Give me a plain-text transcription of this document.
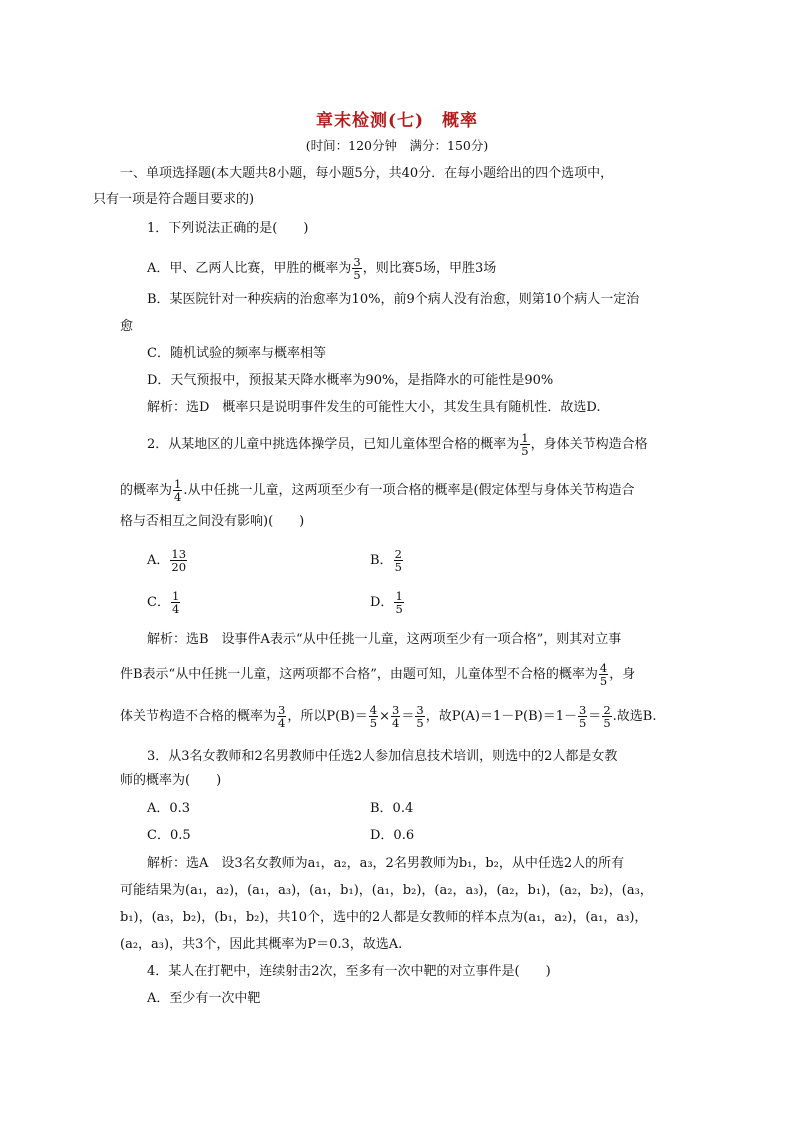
章末检测(七)　概率
(时间：120分钟　满分：150分)
一、单项选择题(本大题共8小题，每小题5分，共40分．在每小题给出的四个选项中，
只有一项是符合题目要求的)
1．下列说法正确的是(　　)
A．甲、乙两人比赛，甲胜的概率为 $\frac{3}{5}$ ，则比赛5场，甲胜3场
B．某医院针对一种疾病的治愈率为10%，前9个病人没有治愈，则第10个病人一定治
愈
C．随机试验的频率与概率相等
D．天气预报中，预报某天降水概率为90%，是指降水的可能性是90%
解析：选D　概率只是说明事件发生的可能性大小，其发生具有随机性．故选D.
2．从某地区的儿童中挑选体操学员，已知儿童体型合格的概率为 $\frac{1}{5}$ ，身体关节构造合格
的概率为 $\frac{1}{4}$ .从中任挑一儿童，这两项至少有一项合格的概率是(假定体型与身体关节构造合
格与否相互之间没有影响)(　　)
A． $\frac{13}{20}$	B． $\frac{2}{5}$
C． $\frac{1}{4}$	D． $\frac{1}{5}$
解析：选B　设事件A表示“从中任挑一儿童，这两项至少有一项合格”，则其对立事
件B表示“从中任挑一儿童，这两项都不合格”，由题可知，儿童体型不合格的概率为 $\frac{4}{5}$ ，身
体关节构造不合格的概率为 $\frac{3}{4}$ ，所以$P(B)= \frac{4}{5} \times \frac{3}{4} = \frac{3}{5}$ ，故$P(A)=1-P(B)=1- \frac{3}{5} = \frac{2}{5}$ .故选B.
3．从3名女教师和2名男教师中任选2人参加信息技术培训，则选中的2人都是女教
师的概率为(　　)
A．0.3	B．0.4
C．0.5	D．0.6
解析：选A　设3名女教师为a₁，a₂，a₃，2名男教师为b₁，b₂，从中任选2人的所有
可能结果为(a₁，a₂)，(a₁，a₃)，(a₁，b₁)，(a₁，b₂)，(a₂，a₃)，(a₂，b₁)，(a₂，b₂)，(a₃，
b₁)，(a₃，b₂)，(b₁，b₂)，共10个，选中的2人都是女教师的样本点为(a₁，a₂)，(a₁，a₃)，
(a₂，a₃)，共3个，因此其概率为P＝0.3，故选A.
4．某人在打靶中，连续射击2次，至多有一次中靶的对立事件是(　　)
A．至少有一次中靶
